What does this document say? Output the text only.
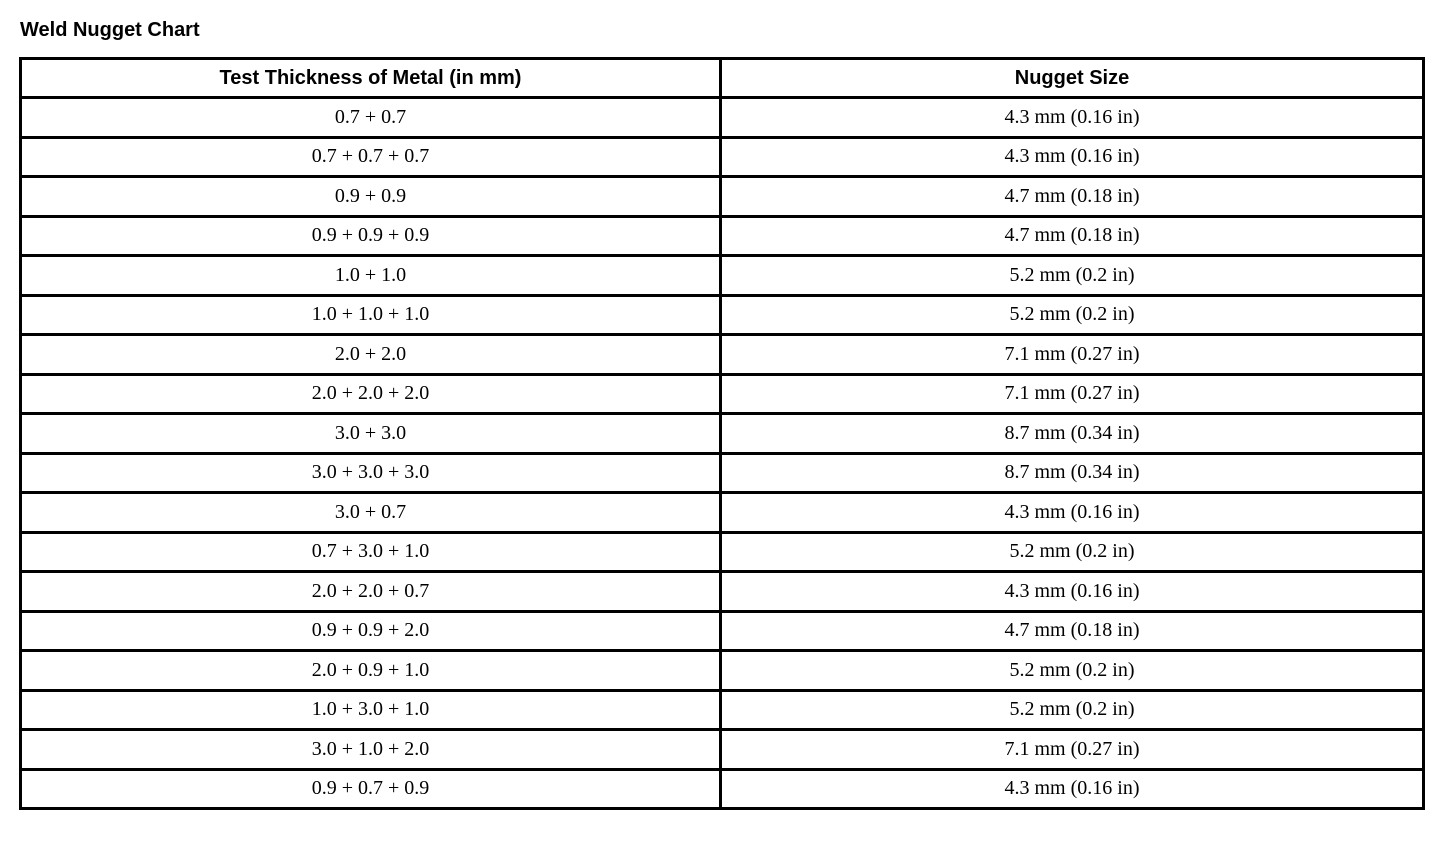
Weld Nugget Chart
Test Thickness of Metal (in mm)	Nugget Size
0.7 + 0.7	4.3 mm (0.16 in)
0.7 + 0.7 + 0.7	4.3 mm (0.16 in)
0.9 + 0.9	4.7 mm (0.18 in)
0.9 + 0.9 + 0.9	4.7 mm (0.18 in)
1.0 + 1.0	5.2 mm (0.2 in)
1.0 + 1.0 + 1.0	5.2 mm (0.2 in)
2.0 + 2.0	7.1 mm (0.27 in)
2.0 + 2.0 + 2.0	7.1 mm (0.27 in)
3.0 + 3.0	8.7 mm (0.34 in)
3.0 + 3.0 + 3.0	8.7 mm (0.34 in)
3.0 + 0.7	4.3 mm (0.16 in)
0.7 + 3.0 + 1.0	5.2 mm (0.2 in)
2.0 + 2.0 + 0.7	4.3 mm (0.16 in)
0.9 + 0.9 + 2.0	4.7 mm (0.18 in)
2.0 + 0.9 + 1.0	5.2 mm (0.2 in)
1.0 + 3.0 + 1.0	5.2 mm (0.2 in)
3.0 + 1.0 + 2.0	7.1 mm (0.27 in)
0.9 + 0.7 + 0.9	4.3 mm (0.16 in)
